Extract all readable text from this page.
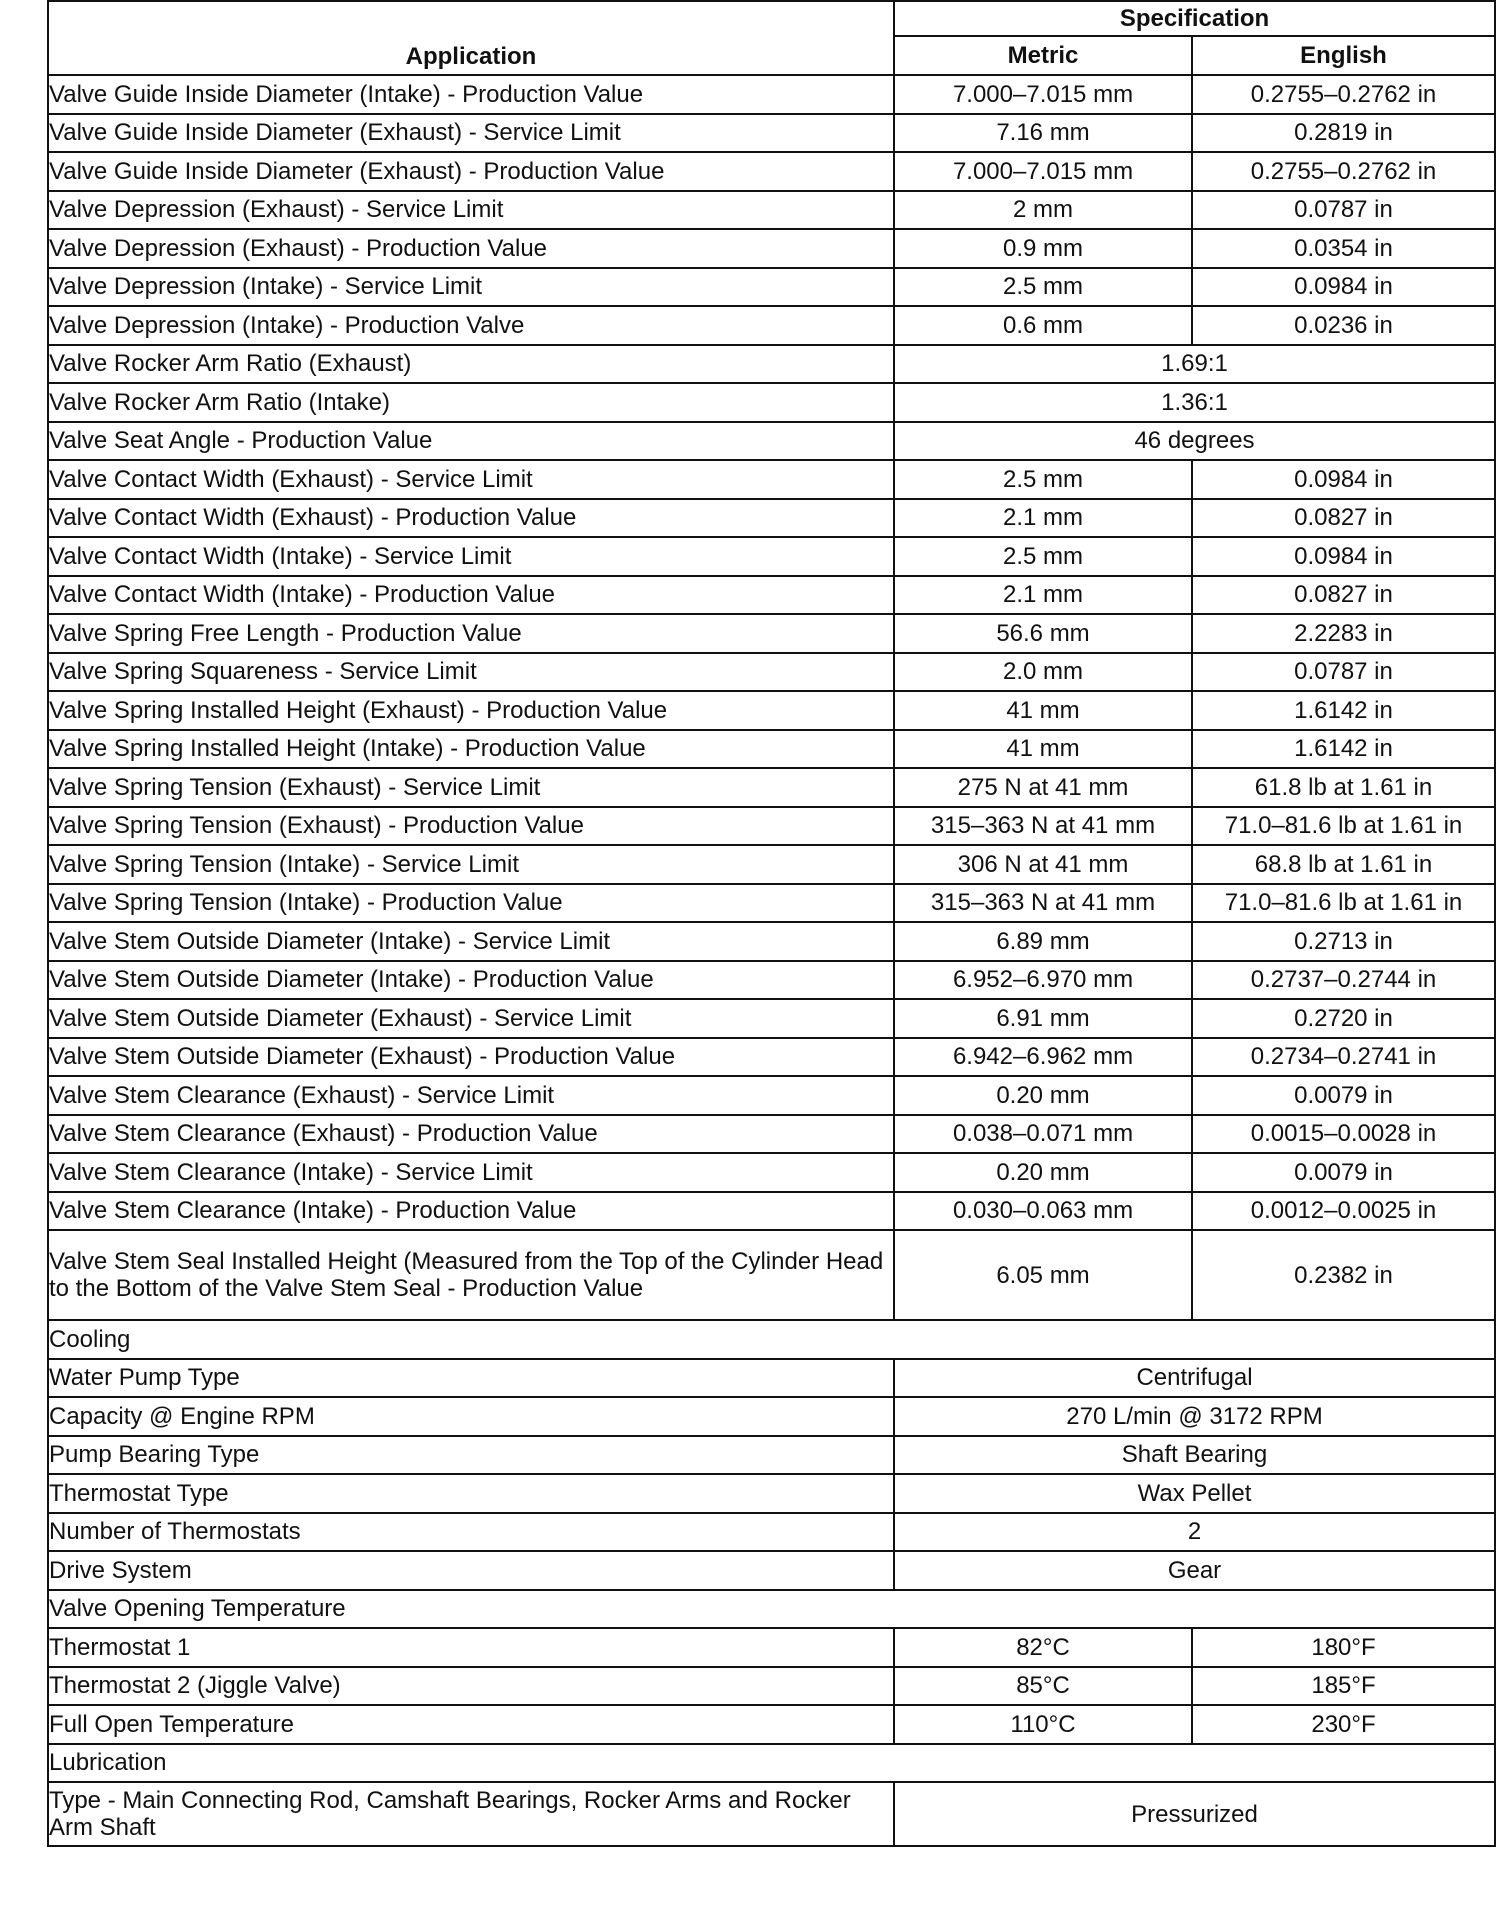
Application	Specification	
	Metric	English
Valve Guide Inside Diameter (Intake) - Production Value	7.000–7.015 mm	0.2755–0.2762 in
Valve Guide Inside Diameter (Exhaust) - Service Limit	7.16 mm	0.2819 in
Valve Guide Inside Diameter (Exhaust) - Production Value	7.000–7.015 mm	0.2755–0.2762 in
Valve Depression (Exhaust) - Service Limit	2 mm	0.0787 in
Valve Depression (Exhaust) - Production Value	0.9 mm	0.0354 in
Valve Depression (Intake) - Service Limit	2.5 mm	0.0984 in
Valve Depression (Intake) - Production Valve	0.6 mm	0.0236 in
Valve Rocker Arm Ratio (Exhaust)	1.69:1	
Valve Rocker Arm Ratio (Intake)	1.36:1	
Valve Seat Angle - Production Value	46 degrees	
Valve Contact Width (Exhaust) - Service Limit	2.5 mm	0.0984 in
Valve Contact Width (Exhaust) - Production Value	2.1 mm	0.0827 in
Valve Contact Width (Intake) - Service Limit	2.5 mm	0.0984 in
Valve Contact Width (Intake) - Production Value	2.1 mm	0.0827 in
Valve Spring Free Length - Production Value	56.6 mm	2.2283 in
Valve Spring Squareness - Service Limit	2.0 mm	0.0787 in
Valve Spring Installed Height (Exhaust) - Production Value	41 mm	1.6142 in
Valve Spring Installed Height (Intake) - Production Value	41 mm	1.6142 in
Valve Spring Tension (Exhaust) - Service Limit	275 N at 41 mm	61.8 lb at 1.61 in
Valve Spring Tension (Exhaust) - Production Value	315–363 N at 41 mm	71.0–81.6 lb at 1.61 in
Valve Spring Tension (Intake) - Service Limit	306 N at 41 mm	68.8 lb at 1.61 in
Valve Spring Tension (Intake) - Production Value	315–363 N at 41 mm	71.0–81.6 lb at 1.61 in
Valve Stem Outside Diameter (Intake) - Service Limit	6.89 mm	0.2713 in
Valve Stem Outside Diameter (Intake) - Production Value	6.952–6.970 mm	0.2737–0.2744 in
Valve Stem Outside Diameter (Exhaust) - Service Limit	6.91 mm	0.2720 in
Valve Stem Outside Diameter (Exhaust) - Production Value	6.942–6.962 mm	0.2734–0.2741 in
Valve Stem Clearance (Exhaust) - Service Limit	0.20 mm	0.0079 in
Valve Stem Clearance (Exhaust) - Production Value	0.038–0.071 mm	0.0015–0.0028 in
Valve Stem Clearance (Intake) - Service Limit	0.20 mm	0.0079 in
Valve Stem Clearance (Intake) - Production Value	0.030–0.063 mm	0.0012–0.0025 in
Valve Stem Seal Installed Height (Measured from the Top of the Cylinder Head to the Bottom of the Valve Stem Seal - Production Value	6.05 mm	0.2382 in
Cooling		
Water Pump Type	Centrifugal	
Capacity @ Engine RPM	270 L/min @ 3172 RPM	
Pump Bearing Type	Shaft Bearing	
Thermostat Type	Wax Pellet	
Number of Thermostats	2	
Drive System	Gear	
Valve Opening Temperature		
Thermostat 1	82°C	180°F
Thermostat 2 (Jiggle Valve)	85°C	185°F
Full Open Temperature	110°C	230°F
Lubrication		
Type - Main Connecting Rod, Camshaft Bearings, Rocker Arms and Rocker Arm Shaft	Pressurized	
